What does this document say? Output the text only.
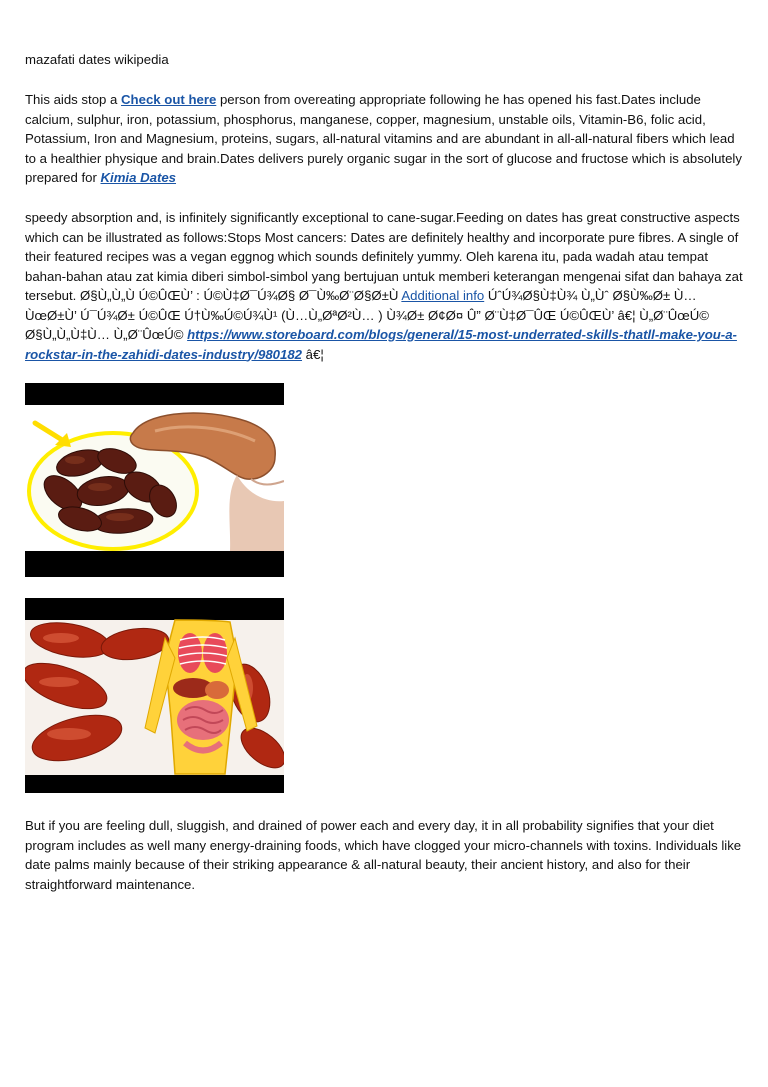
mazafati dates wikipedia

This aids stop a Check out here person from overeating appropriate following he has opened his fast.Dates include calcium, sulphur, iron, potassium, phosphorus, manganese, copper, magnesium, unstable oils, Vitamin-B6, folic acid, Potassium, Iron and Magnesium, proteins, sugars, all-natural vitamins and are abundant in all-all-natural fibers which lead to a healthier physique and brain.Dates delivers purely organic sugar in the sort of glucose and fructose which is absolutely prepared for Kimia Dates

speedy absorption and, is infinitely significantly exceptional to cane-sugar.Feeding on dates has great constructive aspects which can be illustrated as follows:Stops Most cancers: Dates are definitely healthy and incorporate pure fibres. A single of their featured recipes was a vegan eggnog which sounds definitely yummy. Oleh karena itu, pada wadah atau tempat bahan-bahan atau zat kimia diberi simbol-simbol yang bertujuan untuk memberi keterangan mengenai sifat dan bahaya zat tersebut. Ø§Ù„Ù„Ù Ú©ÛŒÙ’ : Ú©Ù‡Ø¯Ú¾Ø§ Ø¯Ù‰Ø¨Ø§Ø±Ù Additional info ÚˆÚ¾Ø§Ù‡Ù¾ Ù„Ùˆ Ø§Ù‰Ø± Ù…ÙœØ±Ù’ Ú¯Ú¾Ø± Ú©ÛŒ Ú†Ù‰Ú©Ú¾Ù¹ (Ù…Ù„ØªØ²Ù… ) Ù¾Ø± Ø¢Ø¤ Û” Ø¨Ù‡Ø¯ÛŒ Ú©ÛŒÙ’ â€¦ Ù„Ø¨ÛœÚ© Ø§Ù„Ù„Ù‡Ù… Ù„Ø¨ÛœÚ© https://www.storeboard.com/blogs/general/15-most-underrated-skills-thatll-make-you-a-rockstar-in-the-zahidi-dates-industry/980182 â€¦

But if you are feeling dull, sluggish, and drained of power each and every day, it in all probability signifies that your diet program includes as well many energy-draining foods, which have clogged your micro-channels with toxins. Individuals like date palms mainly because of their striking appearance & all-natural beauty, their ancient history, and also for their straightforward maintenance.
